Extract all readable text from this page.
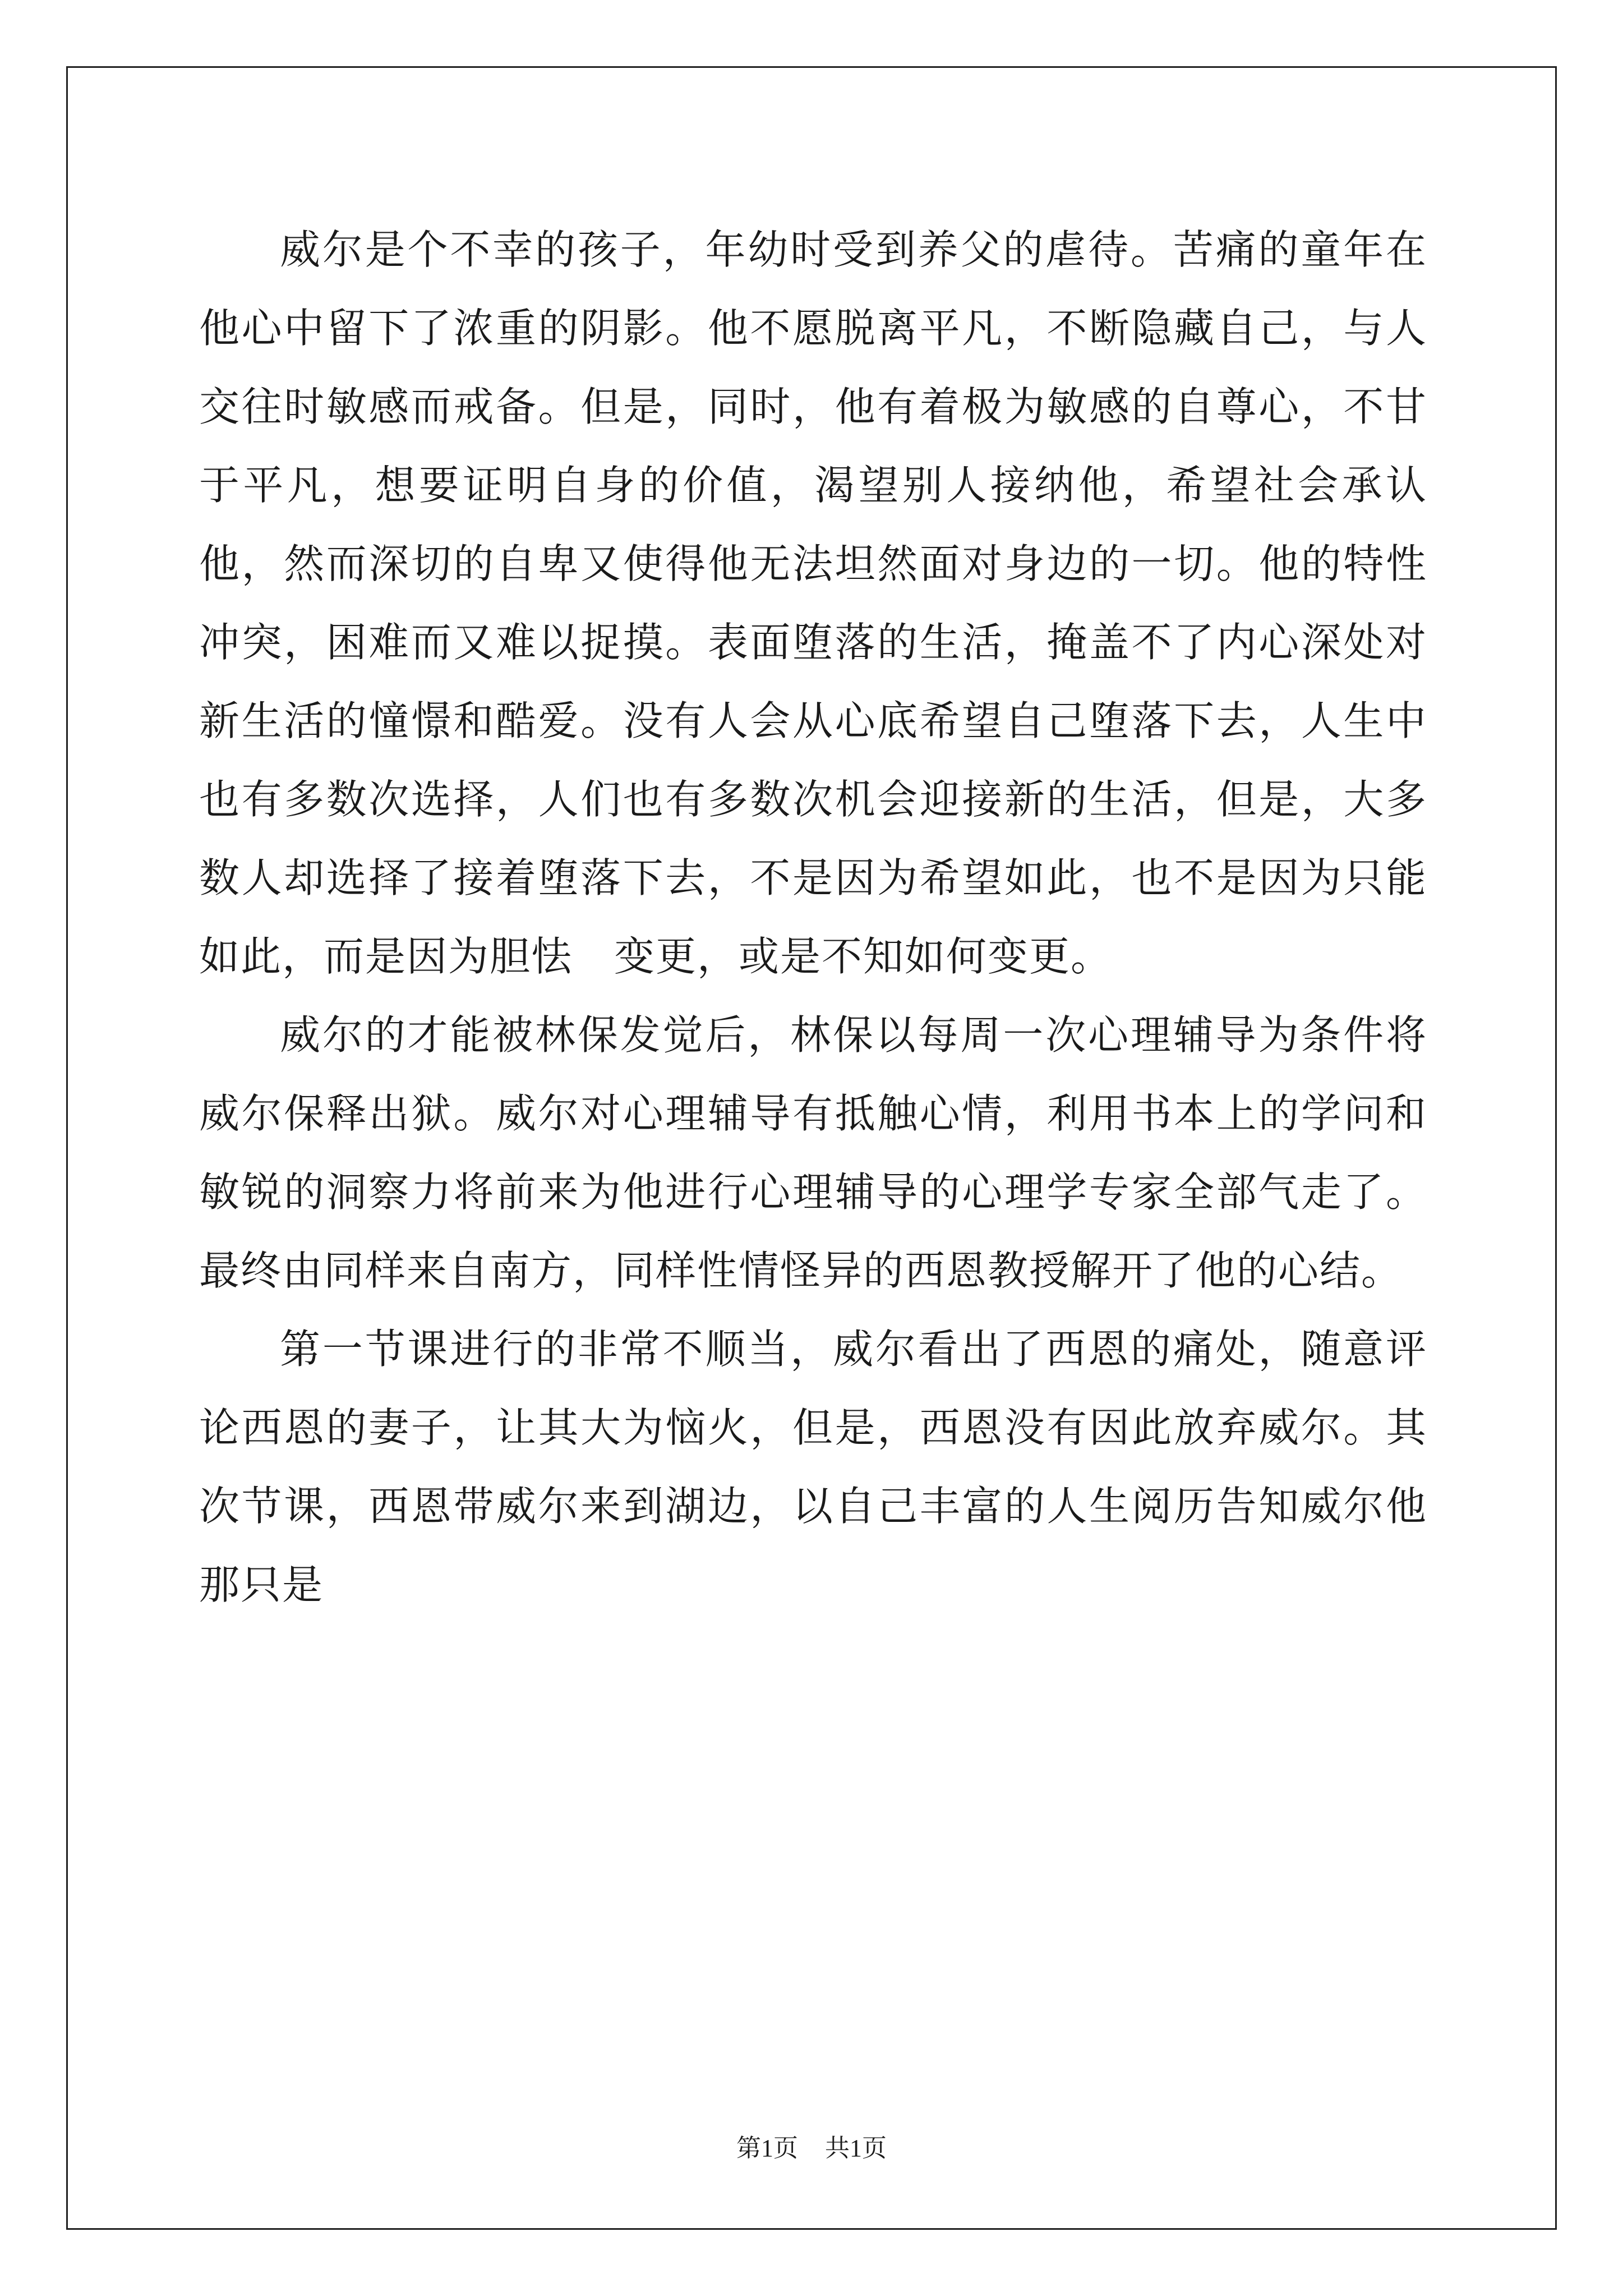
威尔是个不幸的孩子，年幼时受到养父的虐待。苦痛的童年在他心中留下了浓重的阴影。他不愿脱离平凡，不断隐藏自己，与人交往时敏感而戒备。但是，同时，他有着极为敏感的自尊心，不甘于平凡，想要证明自身的价值，渴望别人接纳他，希望社会承认他，然而深切的自卑又使得他无法坦然面对身边的一切。他的特性冲突，困难而又难以捉摸。表面堕落的生活，掩盖不了内心深处对新生活的憧憬和酷爱。没有人会从心底希望自己堕落下去，人生中也有多数次选择，人们也有多数次机会迎接新的生活，但是，大多数人却选择了接着堕落下去，不是因为希望如此，也不是因为只能如此，而是因为胆怯　变更，或是不知如何变更。

威尔的才能被林保发觉后，林保以每周一次心理辅导为条件将威尔保释出狱。威尔对心理辅导有抵触心情，利用书本上的学问和敏锐的洞察力将前来为他进行心理辅导的心理学专家全部气走了。最终由同样来自南方，同样性情怪异的西恩教授解开了他的心结。

第一节课进行的非常不顺当，威尔看出了西恩的痛处，随意评论西恩的妻子，让其大为恼火，但是，西恩没有因此放弃威尔。其次节课，西恩带威尔来到湖边，以自己丰富的人生阅历告知威尔他那只是

第1页 共1页
